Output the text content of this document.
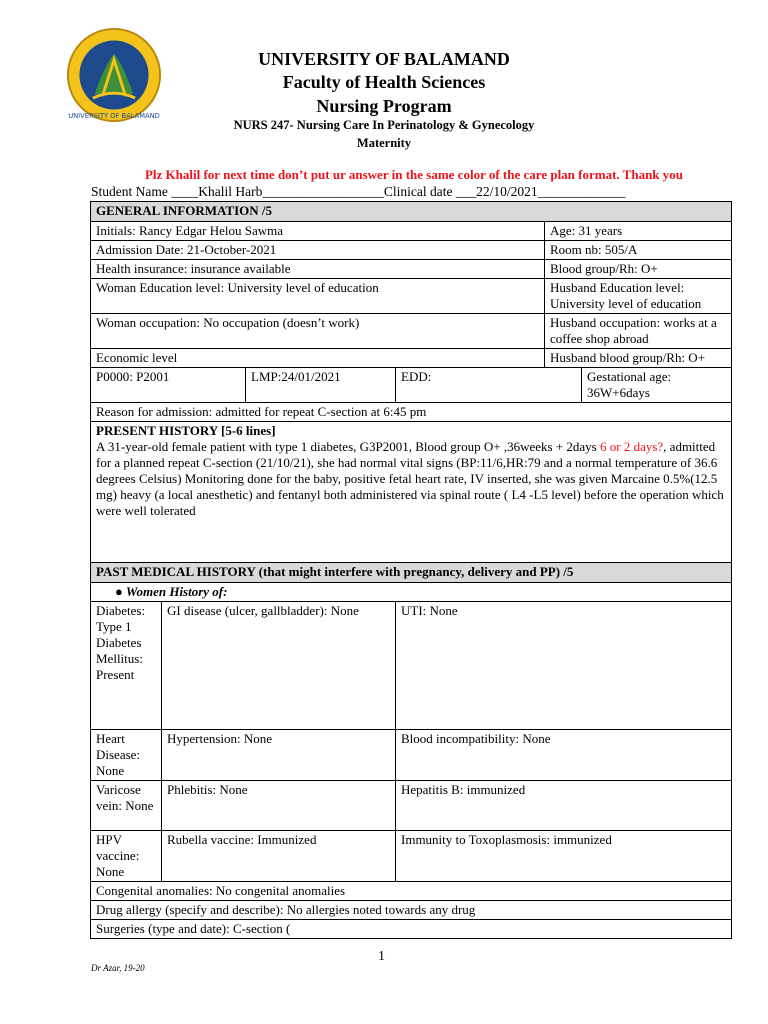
UNIVERSITY OF BALAMAND
UNIVERSITY OF BALAMAND
Faculty of Health Sciences
Nursing Program
NURS 247- Nursing Care In Perinatology & Gynecology
Maternity
Plz Khalil for next time don’t put ur answer in the same color of the care plan format. Thank you
Student Name ____Khalil Harb__________________Clinical date ___22/10/2021_____________
GENERAL INFORMATION /5					
Initials: Rancy Edgar Helou Sawma				Age: 31 years	
Admission Date: 21-October-2021				Room nb: 505/A	
Health insurance: insurance available				Blood group/Rh: O+	
Woman Education level: University level of education				Husband Education level: University level of education	
Woman occupation: No occupation (doesn’t work)				Husband occupation: works at a coffee shop abroad	
Economic level				Husband blood group/Rh: O+	
P0000: P2001		LMP:24/01/2021	EDD:		Gestational age: 36W+6days
Reason for admission: admitted for repeat C-section at 6:45 pm					

PRESENT HISTORY [5-6 lines]
A 31-year-old female patient with type 1 diabetes, G3P2001, Blood group O+ ,36weeks + 2days 6 or 2 days?, admitted for a planned repeat C-section (21/10/21), she had normal vital signs (BP:11/6,HR:79 and a normal temperature of 36.6 degrees Celsius) Monitoring done for the baby, positive fetal heart rate, IV inserted, she was given Marcaine 0.5%(12.5 mg) heavy (a local anesthetic) and fentanyl both administered via spinal route ( L4 -L5 level) before the operation which were well tolerated					

PAST MEDICAL HISTORY (that might interfere with pregnancy, delivery and PP) /5					
● Women History of:					
Diabetes: Type 1 Diabetes Mellitus: Present	GI disease (ulcer, gallbladder): None		UTI: None		
Heart Disease: None	Hypertension: None		Blood incompatibility: None		
Varicose vein: None	Phlebitis: None		Hepatitis B: immunized		
HPV vaccine: None	Rubella vaccine: Immunized		Immunity to Toxoplasmosis: immunized		
Congenital anomalies: No congenital anomalies					
Drug allergy (specify and describe): No allergies noted towards any drug					
Surgeries (type and date): C-section (					
1
Dr Azar, 19-20
